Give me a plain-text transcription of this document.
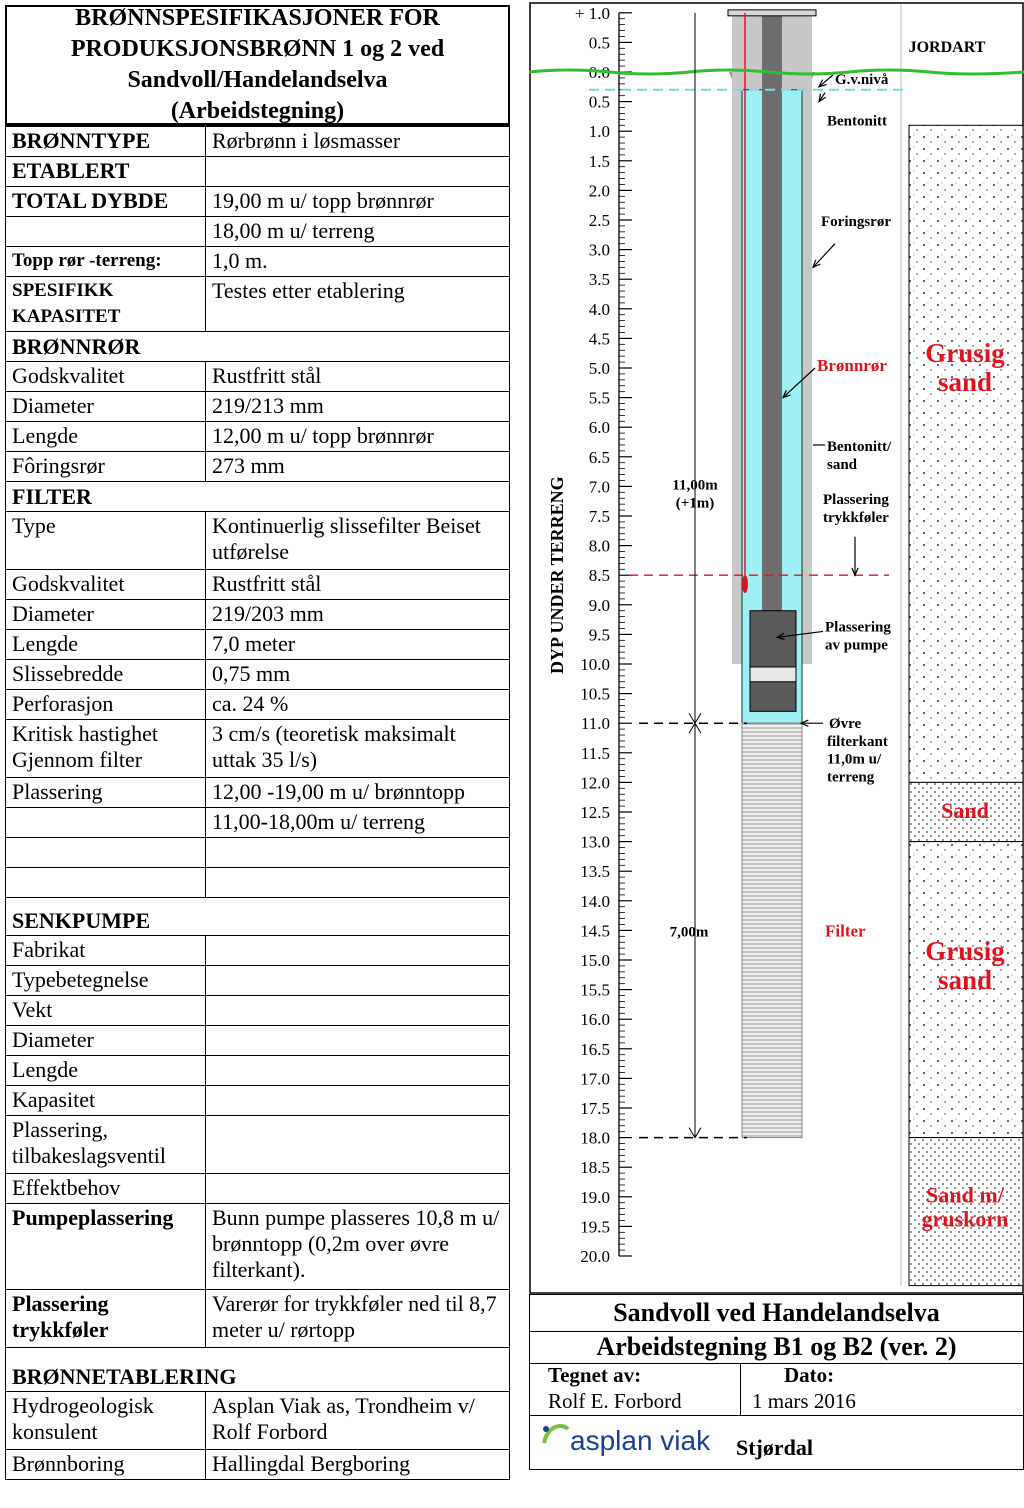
BRØNNSPESIFIKASJONER FOR
PRODUKSJONSBRØNN 1 og 2 ved
Sandvoll/Handelandselva
(Arbeidstegning)
BRØNNTYPE	Rørbrønn i løsmasser
ETABLERT	
TOTAL DYBDE	19,00 m u/ topp brønnrør
	18,00 m u/ terreng
Topp rør -terreng:	1,0 m.
SPESIFIKK KAPASITET	Testes etter etablering
BRØNNRØR	
Godskvalitet	Rustfritt stål
Diameter	219/213 mm
Lengde	12,00 m u/ topp brønnrør
Fôringsrør	273 mm
FILTER	
Type	Kontinuerlig slissefilter Beiset utførelse
Godskvalitet	Rustfritt stål
Diameter	219/203 mm
Lengde	7,0 meter
Slissebredde	0,75 mm
Perforasjon	ca. 24 %
Kritisk hastighet Gjennom filter	3 cm/s (teoretisk maksimalt uttak 35 l/s)
Plassering	12,00 -19,00 m u/ brønntopp
	11,00-18,00m u/ terreng

SENKPUMPE	
Fabrikat	
Typebetegnelse	
Vekt	
Diameter	
Lengde	
Kapasitet	
Plassering, tilbakeslagsventil	
Effektbehov	
Pumpeplassering	Bunn pumpe plasseres 10,8 m u/ brønntopp (0,2m over øvre filterkant).
Plassering trykkføler	Varerør for trykkføler ned til 8,7 meter u/ rørtopp
BRØNNETABLERING	
Hydrogeologisk konsulent	Asplan Viak as, Trondheim v/ Rolf Forbord
Brønnboring	Hallingdal Bergboring
+ 1.0
0.5
0.0
0.5
1.0
1.5
2.0
2.5
3.0
3.5
4.0
4.5
5.0
5.5
6.0
6.5
7.0
7.5
8.0
8.5
9.0
9.5
10.0
10.5
11.0
11.5
12.0
12.5
13.0
13.5
14.0
14.5
15.0
15.5
16.0
16.5
17.0
17.5
18.0
18.5
19.0
19.5
20.0
DYP UNDER TERRENG
JORDART
Grusig
sand
Sand
Grusig
sand
Sand m/
gruskorn
G.v.nivå
Bentonitt
Foringsrør
Brønnrør
Bentonitt/
sand
Plassering
trykkføler
Plassering
av pumpe
Øvre
filterkant
11,0m u/
terreng
Filter
11,00m
(+1m)
7,00m
Sandvoll ved Handelandselva
Arbeidstegning B1 og B2 (ver. 2)
Tegnet av:
Rolf E. Forbord
Dato:
1 mars 2016
asplan viak Stjørdal
